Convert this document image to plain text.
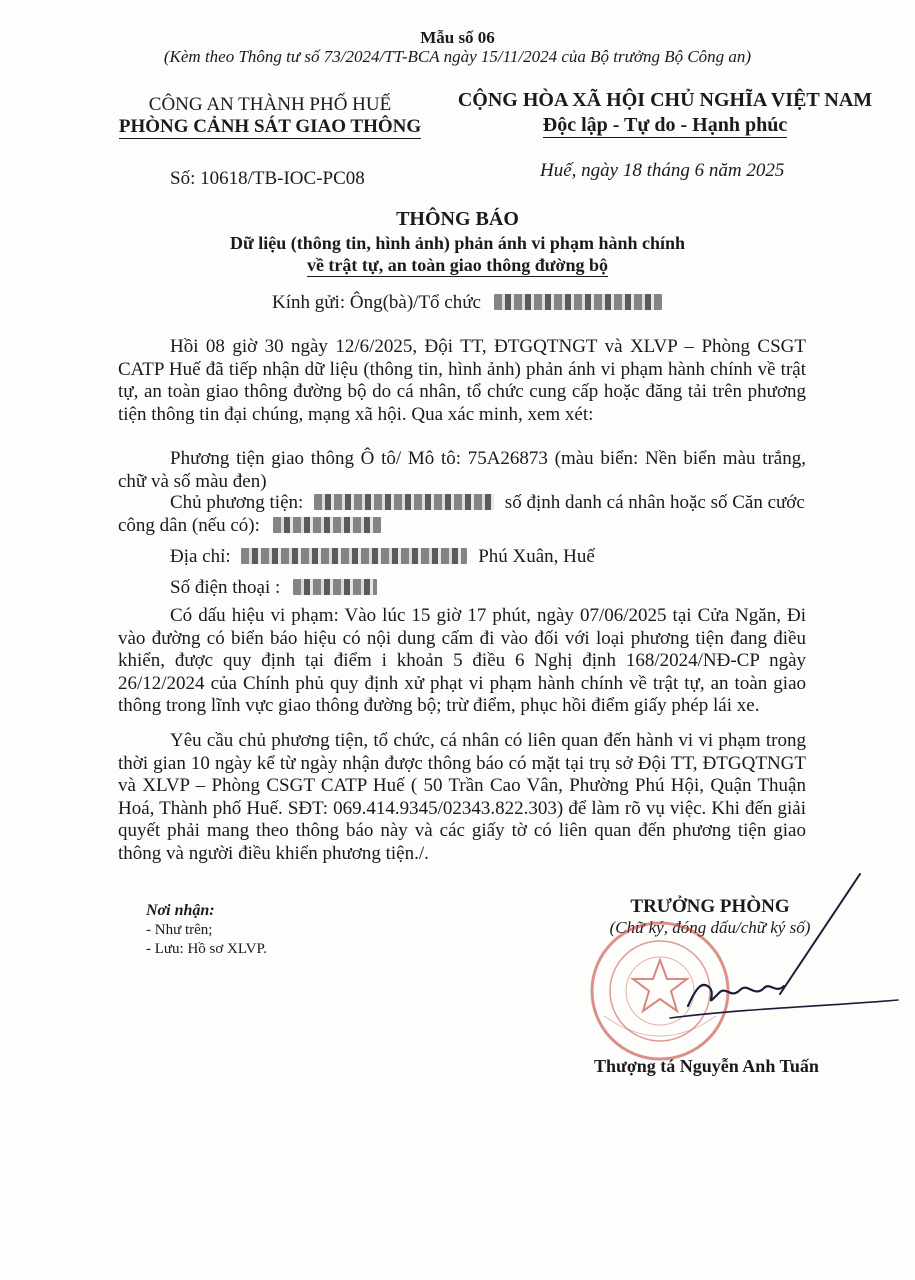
Mẫu số 06
(Kèm theo Thông tư số 73/2024/TT-BCA ngày 15/11/2024 của Bộ trưởng Bộ Công an)
CÔNG AN THÀNH PHỐ HUẾ
PHÒNG CẢNH SÁT GIAO THÔNG
CỘNG HÒA XÃ HỘI CHỦ NGHĨA VIỆT NAM
Độc lập - Tự do - Hạnh phúc
Số: 10618/TB-IOC-PC08	Huế, ngày 18 tháng 6 năm 2025
THÔNG BÁO
Dữ liệu (thông tin, hình ảnh) phản ánh vi phạm hành chính
về trật tự, an toàn giao thông đường bộ
Kính gửi: Ông(bà)/Tổ chức
Hồi 08 giờ 30 ngày 12/6/2025, Đội TT, ĐTGQTNGT và XLVP – Phòng CSGT CATP Huế đã tiếp nhận dữ liệu (thông tin, hình ảnh) phản ánh vi phạm hành chính về trật tự, an toàn giao thông đường bộ do cá nhân, tổ chức cung cấp hoặc đăng tải trên phương tiện thông tin đại chúng, mạng xã hội. Qua xác minh, xem xét:
Phương tiện giao thông Ô tô/ Mô tô: 75A26873 (màu biển: Nền biển màu trắng, chữ và số màu đen)
Chủ phương tiện:	số định danh cá nhân hoặc số Căn cước
công dân (nếu có):
Địa chỉ:	Phú Xuân, Huế
Số điện thoại :
Có dấu hiệu vi phạm: Vào lúc 15 giờ 17 phút, ngày 07/06/2025 tại Cửa Ngăn, Đi vào đường có biển báo hiệu có nội dung cấm đi vào đối với loại phương tiện đang điều khiển, được quy định tại điểm i khoản 5 điều 6 Nghị định 168/2024/NĐ-CP ngày 26/12/2024 của Chính phủ quy định xử phạt vi phạm hành chính về trật tự, an toàn giao thông trong lĩnh vực giao thông đường bộ; trừ điểm, phục hồi điểm giấy phép lái xe.
Yêu cầu chủ phương tiện, tổ chức, cá nhân có liên quan đến hành vi vi phạm trong thời gian 10 ngày kể từ ngày nhận được thông báo có mặt tại trụ sở Đội TT, ĐTGQTNGT và XLVP – Phòng CSGT CATP Huế ( 50 Trần Cao Vân, Phường Phú Hội, Quận Thuận Hoá, Thành phố Huế. SĐT: 069.414.9345/02343.822.303) để làm rõ vụ việc. Khi đến giải quyết phải mang theo thông báo này và các giấy tờ có liên quan đến phương tiện giao thông và người điều khiển phương tiện./.
Nơi nhận:
- Như trên;
- Lưu: Hồ sơ XLVP.
TRƯỞNG PHÒNG
(Chữ ký, đóng dấu/chữ ký số)
Thượng tá Nguyễn Anh Tuấn
